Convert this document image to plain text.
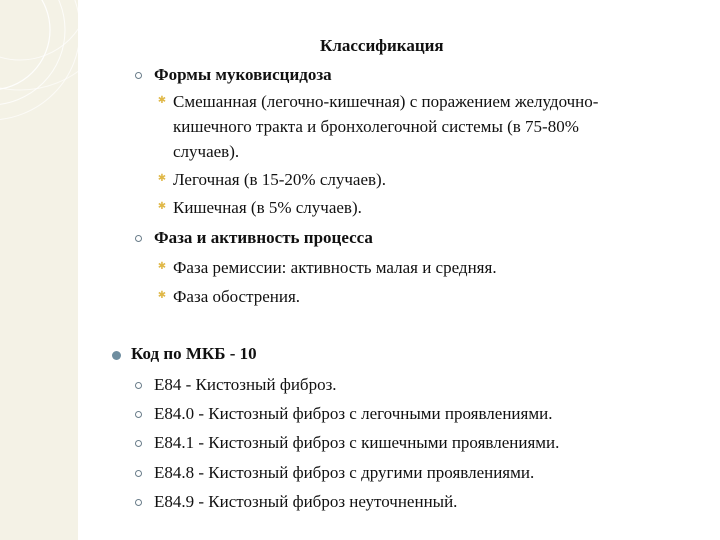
Классификация
Формы муковисцидоза
✱ Смешанная (легочно-кишечная) с поражением желудочно-
кишечного тракта и бронхолегочной системы (в 75-80%
случаев).
✱ Легочная (в 15-20% случаев).
✱ Кишечная (в 5% случаев).
Фаза и активность процесса
✱ Фаза ремиссии: активность малая и средняя.
✱ Фаза обострения.
Код по МКБ - 10
E84 - Кистозный фиброз.
E84.0 - Кистозный фиброз с легочными проявлениями.
E84.1 - Кистозный фиброз с кишечными проявлениями.
E84.8 - Кистозный фиброз с другими проявлениями.
E84.9 - Кистозный фиброз неуточненный.
